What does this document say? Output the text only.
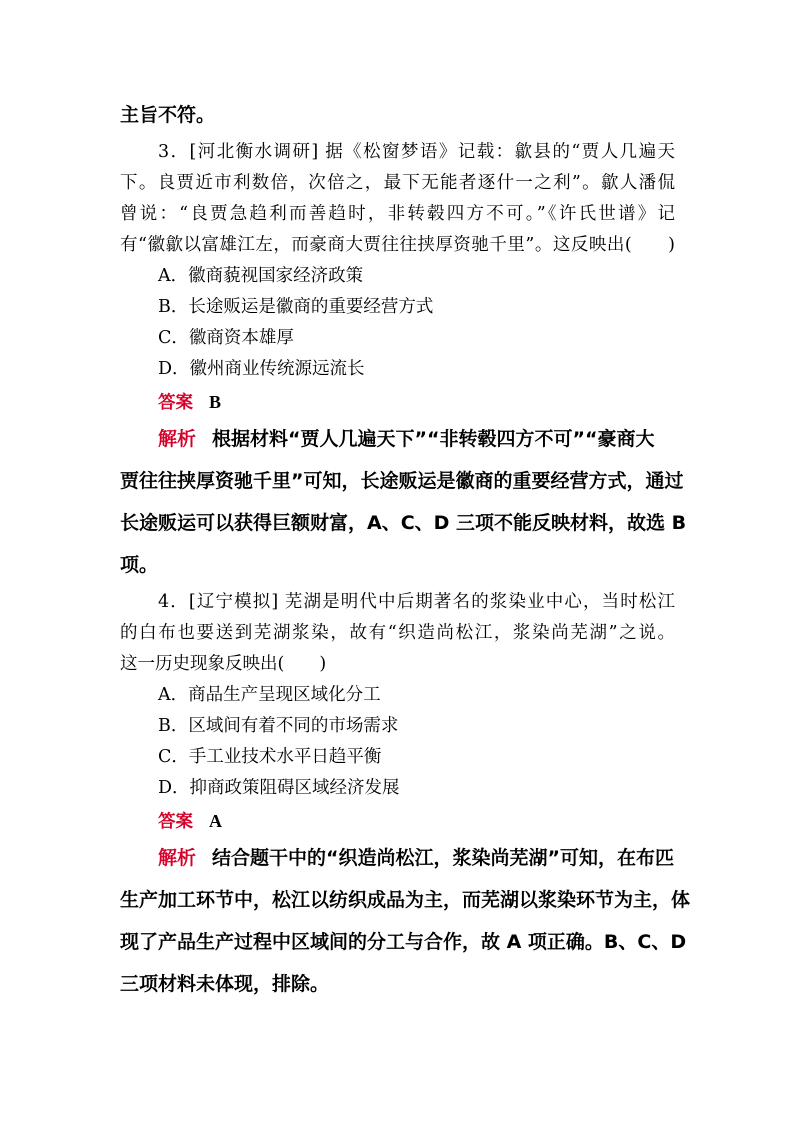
主旨不符。
3．[河北衡水调研] 据《松窗梦语》记载：歙县的“贾人几遍天
下。良贾近市利数倍，次倍之，最下无能者逐什一之利”。歙人潘侃
曾说：“良贾急趋利而善趋时，非转毂四方不可。”《许氏世谱》记
有“徽歙以富雄江左，而豪商大贾往往挟厚资驰千里”。这反映出(　　)
A．徽商藐视国家经济政策
B．长途贩运是徽商的重要经营方式
C．徽商资本雄厚
D．徽州商业传统源远流长
答案 B
解析 根据材料“贾人几遍天下”“非转毂四方不可”“豪商大
贾往往挟厚资驰千里”可知，长途贩运是徽商的重要经营方式，通过
长途贩运可以获得巨额财富，A、C、D 三项不能反映材料，故选 B
项。
4．[辽宁模拟] 芜湖是明代中后期著名的浆染业中心，当时松江
的白布也要送到芜湖浆染，故有“织造尚松江，浆染尚芜湖”之说。
这一历史现象反映出(　　)
A．商品生产呈现区域化分工
B．区域间有着不同的市场需求
C．手工业技术水平日趋平衡
D．抑商政策阻碍区域经济发展
答案 A
解析 结合题干中的“织造尚松江，浆染尚芜湖”可知，在布匹
生产加工环节中，松江以纺织成品为主，而芜湖以浆染环节为主，体
现了产品生产过程中区域间的分工与合作，故 A 项正确。B、C、D
三项材料未体现，排除。
